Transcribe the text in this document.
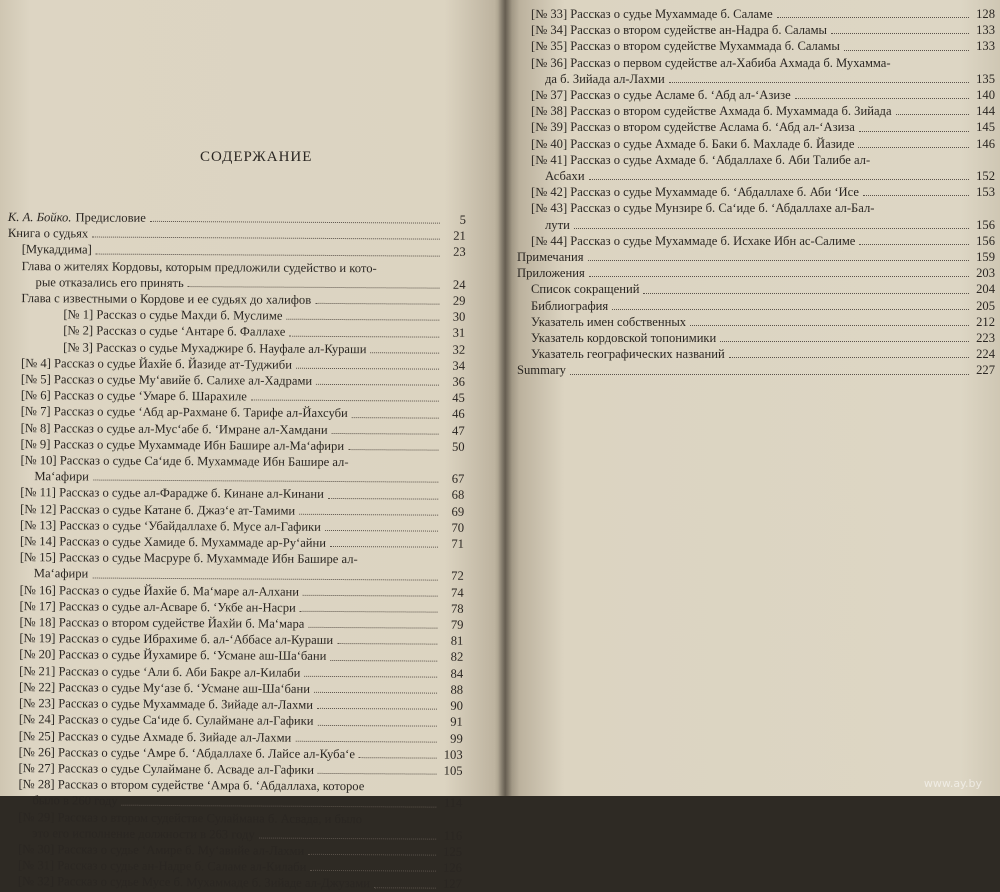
СОДЕРЖАНИЕ
К. А. Бойко. Предисловие	5
Книга о судьях	21
[Мукаддима]	23
Глава о жителях Кордовы, которым предложили судейство и кото-
рые отказались его принять	24
Глава с известными о Кордове и ее судьях до халифов	29
[№ 1] Рассказ о судье Махди б. Муслиме	30
[№ 2] Рассказ о судье ʻАнтаре б. Фаллахе	31
[№ 3] Рассказ о судье Мухаджире б. Науфале ал-Кураши	32
[№ 4] Рассказ о судье Йахйе б. Йазиде ат-Туджиби	34
[№ 5] Рассказ о судье Муʻавийе б. Салихе ал-Хадрами	36
[№ 6] Рассказ о судье ʻУмаре б. Шарахиле	45
[№ 7] Рассказ о судье ʻАбд ар-Рахмане б. Тарифе ал-Йахсуби	46
[№ 8] Рассказ о судье ал-Мусʻабе б. ʻИмране ал-Хамдани	47
[№ 9] Рассказ о судье Мухаммаде Ибн Башире ал-Маʻафири	50
[№ 10] Рассказ о судье Саʻиде б. Мухаммаде Ибн Башире ал-
Маʻафири	67
[№ 11] Рассказ о судье ал-Фарадже б. Кинане ал-Кинани	68
[№ 12] Рассказ о судье Катане б. Джазʻе ат-Тамими	69
[№ 13] Рассказ о судье ʻУбайдаллахе б. Мусе ал-Гафики	70
[№ 14] Рассказ о судье Хамиде б. Мухаммаде ар-Руʻайни	71
[№ 15] Рассказ о судье Масруре б. Мухаммаде Ибн Башире ал-
Маʻафири	72
[№ 16] Рассказ о судье Йахйе б. Маʻмаре ал-Алхани	74
[№ 17] Рассказ о судье ал-Асваре б. ʻУкбе ан-Насри	78
[№ 18] Рассказ о втором судействе Йахйи б. Маʻмара	79
[№ 19] Рассказ о судье Ибрахиме б. ал-ʻАббасе ал-Кураши	81
[№ 20] Рассказ о судье Йухамире б. ʻУсмане аш-Шаʻбани	82
[№ 21] Рассказ о судье ʻАли б. Аби Бакре ал-Килаби	84
[№ 22] Рассказ о судье Муʻазе б. ʻУсмане аш-Шаʻбани	88
[№ 23] Рассказ о судье Мухаммаде б. Зийаде ал-Лахми	90
[№ 24] Рассказ о судье Саʻиде б. Сулаймане ал-Гафики	91
[№ 25] Рассказ о судье Ахмаде б. Зийаде ал-Лахми	99
[№ 26] Рассказ о судье ʻАмре б. ʻАбдаллахе б. Лайсе ал-Кубаʻе	103
[№ 27] Рассказ о судье Сулаймане б. Асваде ал-Гафики	105
[№ 28] Рассказ о втором судействе ʻАмра б. ʻАбдаллаха, которое
было в 260 году	114
[№ 29] Рассказ о втором судействе Сулаймана б. Асвада, и было
это его исполнение должности в 263 году	116
[№ 30] Рассказ о судье ʻАмире б. Муʻавийе ал-Лахми	125
[№ 31] Рассказ о судье ан-Надре б. Саламе ал-Килаби	126
[№ 32] Рассказ о судье Мусе б. Мухаммаде б. Зийаде ал-Джузами	127
[№ 33] Рассказ о судье Мухаммаде б. Саламе	128
[№ 34] Рассказ о втором судействе ан-Надра б. Саламы	133
[№ 35] Рассказ о втором судействе Мухаммада б. Саламы	133
[№ 36] Рассказ о первом судействе ал-Хабиба Ахмада б. Мухамма-
да б. Зийада ал-Лахми	135
[№ 37] Рассказ о судье Асламе б. ʻАбд ал-ʻАзизе	140
[№ 38] Рассказ о втором судействе Ахмада б. Мухаммада б. Зийада	144
[№ 39] Рассказ о втором судействе Аслама б. ʻАбд ал-ʻАзиза	145
[№ 40] Рассказ о судье Ахмаде б. Баки б. Махладе б. Йазиде	146
[№ 41] Рассказ о судье Ахмаде б. ʻАбдаллахе б. Аби Талибе ал-
Асбахи	152
[№ 42] Рассказ о судье Мухаммаде б. ʻАбдаллахе б. Аби ʻИсе	153
[№ 43] Рассказ о судье Мунзире б. Саʻиде б. ʻАбдаллахе ал-Бал-
лути	156
[№ 44] Рассказ о судье Мухаммаде б. Исхаке Ибн ас-Салиме	156
Примечания	159
Приложения	203
Список сокращений	204
Библиография	205
Указатель имен собственных	212
Указатель кордовской топонимики	223
Указатель географических названий	224
Summary	227
www.ay.by
